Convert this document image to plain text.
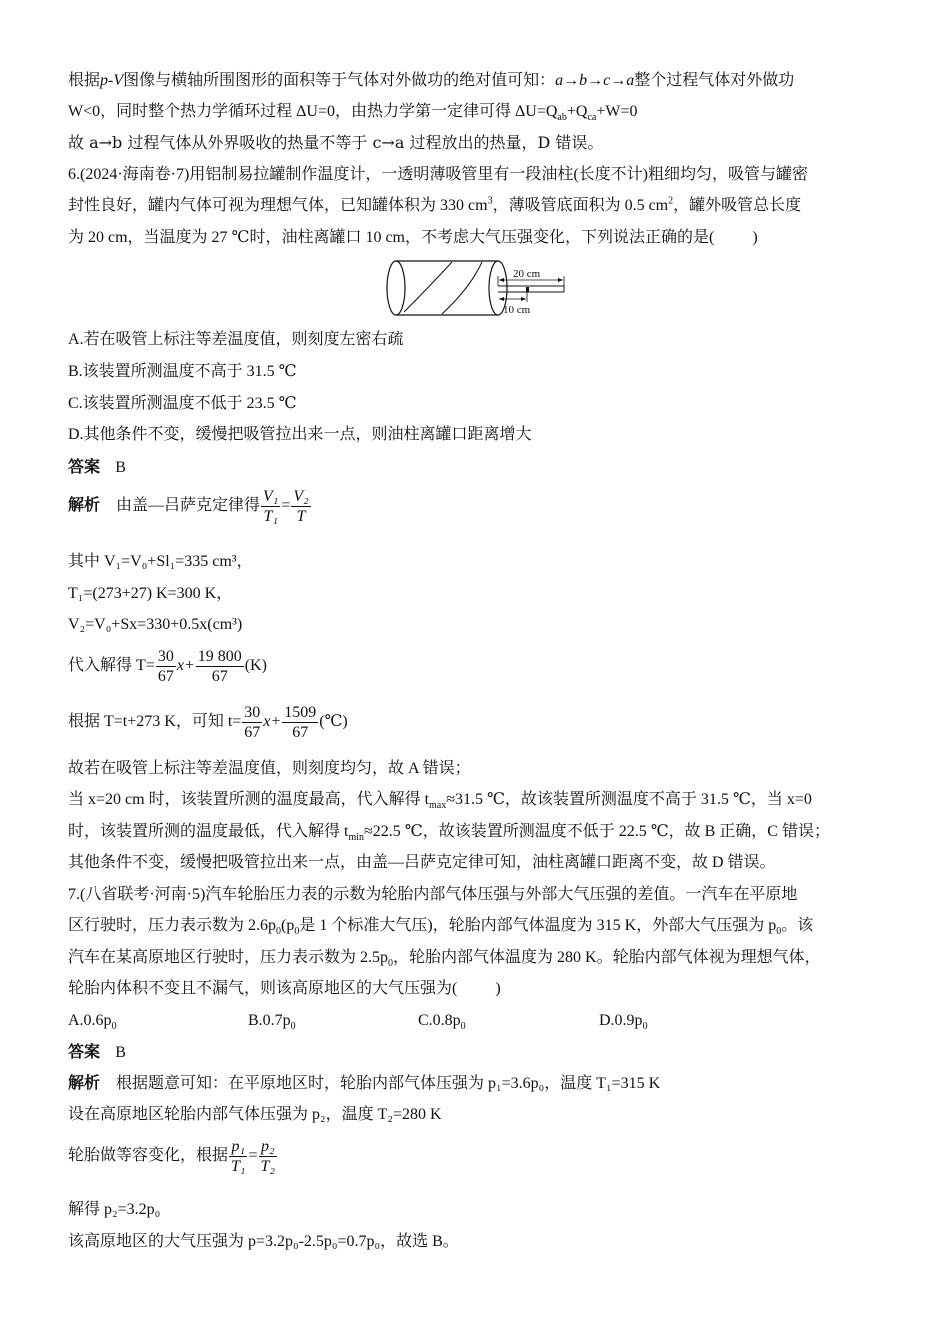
根据p-V图像与横轴所围图形的面积等于气体对外做功的绝对值可知：a→b→c→a整个过程气体对外做功
W<0，同时整个热力学循环过程 ΔU=0，由热力学第一定律可得 $\Delta U=Q_{ab}+Q_{ca}+W=0$
故 a→b 过程气体从外界吸收的热量不等于 c→a 过程放出的热量，D 错误。
6.(2024·海南卷·7)用铝制易拉罐制作温度计，一透明薄吸管里有一段油柱(长度不计)粗细均匀，吸管与罐密
封性良好，罐内气体可视为理想气体，已知罐体积为 330 $cm^3$，薄吸管底面积为 0.5 $cm^2$，罐外吸管总长度
为 20 cm，当温度为 27 ℃时，油柱离罐口 10 cm，不考虑大气压强变化，下列说法正确的是( )
20 cm
10 cm
A.若在吸管上标注等差温度值，则刻度左密右疏
B.该装置所测温度不高于 31.5 ℃
C.该装置所测温度不低于 23.5 ℃
D.其他条件不变，缓慢把吸管拉出来一点，则油柱离罐口距离增大
答案 B
解析 由盖—吕萨克定律得 $\frac{\text{V₁}}{\text{T₁}} = \frac{\text{V₂}}{T}$
其中 V₁=V₀+Sl₁=335 cm³，
T₁=(273+27) K=300 K，
V₂=V₀+Sx=330+0.5x(cm³)
代入解得 $T= \frac{30}{67} x+ \frac{19 800}{67} (K)$
根据 T=t+273 K，可知 $t= \frac{30}{67} x+ \frac{1509}{67}$ (℃)
故若在吸管上标注等差温度值，则刻度均匀，故 A 错误；
当 x=20 cm 时，该装置所测的温度最高，代入解得 $t_{max}\approx 31.5$ ℃，故该装置所测温度不高于 31.5 ℃，当 x=0
时，该装置所测的温度最低，代入解得 $t_{min}\approx 22.5$ ℃，故该装置所测温度不低于 22.5 ℃，故 B 正确，C 错误；
其他条件不变，缓慢把吸管拉出来一点，由盖—吕萨克定律可知，油柱离罐口距离不变，故 D 错误。
7.(八省联考·河南·5)汽车轮胎压力表的示数为轮胎内部气体压强与外部大气压强的差值。一汽车在平原地
区行驶时，压力表示数为 $2.6p_0(p_0$是 1 个标准大气压)，轮胎内部气体温度为 315 K，外部大气压强为 $p_0$。该
汽车在某高原地区行驶时，压力表示数为 $2.5p_0$，轮胎内部气体温度为 280 K。轮胎内部气体视为理想气体，
轮胎内体积不变且不漏气，则该高原地区的大气压强为( )
$A.0.6p_0$	$B.0.7p_0$	$C.0.8p_0$	$D.0.9p_0$
答案 B
解析 根据题意可知：在平原地区时，轮胎内部气体压强为 p₁=3.6p₀，温度 T₁=315 K
设在高原地区轮胎内部气体压强为 p₂，温度 T₂=280 K
轮胎做等容变化，根据 $\frac{\text{p₁}}{\text{T₁}} = \frac{\text{p₂}}{\text{T₂}}$
解得 p₂=3.2p₀
该高原地区的大气压强为 p=3.2p₀-2.5p₀=0.7p₀，故选 B。
